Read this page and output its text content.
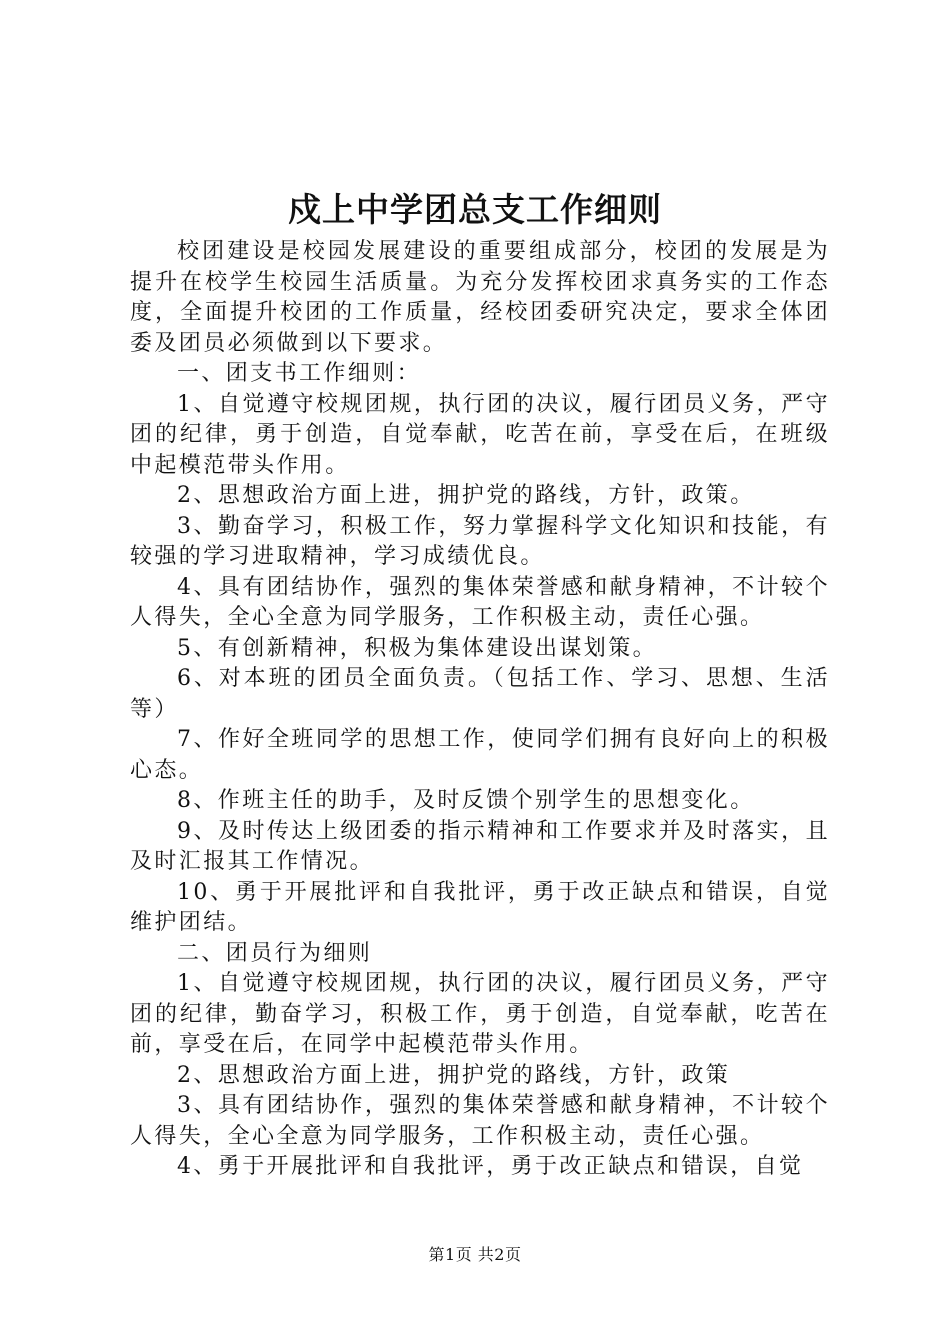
戍上中学团总支工作细则

校团建设是校园发展建设的重要组成部分，校团的发展是为提升在校学生校园生活质量。为充分发挥校团求真务实的工作态度，全面提升校团的工作质量，经校团委研究决定，要求全体团委及团员必须做到以下要求。

一、团支书工作细则：

1、自觉遵守校规团规，执行团的决议，履行团员义务，严守团的纪律，勇于创造，自觉奉献，吃苦在前，享受在后，在班级中起模范带头作用。

2、思想政治方面上进，拥护党的路线，方针，政策。

3、勤奋学习，积极工作，努力掌握科学文化知识和技能，有较强的学习进取精神，学习成绩优良。

4、具有团结协作，强烈的集体荣誉感和献身精神，不计较个人得失，全心全意为同学服务，工作积极主动，责任心强。

5、有创新精神，积极为集体建设出谋划策。

6、对本班的团员全面负责。（包括工作、学习、思想、生活等）

7、作好全班同学的思想工作，使同学们拥有良好向上的积极心态。

8、作班主任的助手，及时反馈个别学生的思想变化。

9、及时传达上级团委的指示精神和工作要求并及时落实，且及时汇报其工作情况。

10、勇于开展批评和自我批评，勇于改正缺点和错误，自觉维护团结。

二、团员行为细则

1、自觉遵守校规团规，执行团的决议，履行团员义务，严守团的纪律，勤奋学习，积极工作，勇于创造，自觉奉献，吃苦在前，享受在后，在同学中起模范带头作用。

2、思想政治方面上进，拥护党的路线，方针，政策

3、具有团结协作，强烈的集体荣誉感和献身精神，不计较个人得失，全心全意为同学服务，工作积极主动，责任心强。

4、勇于开展批评和自我批评，勇于改正缺点和错误，自觉

第1页 共2页
